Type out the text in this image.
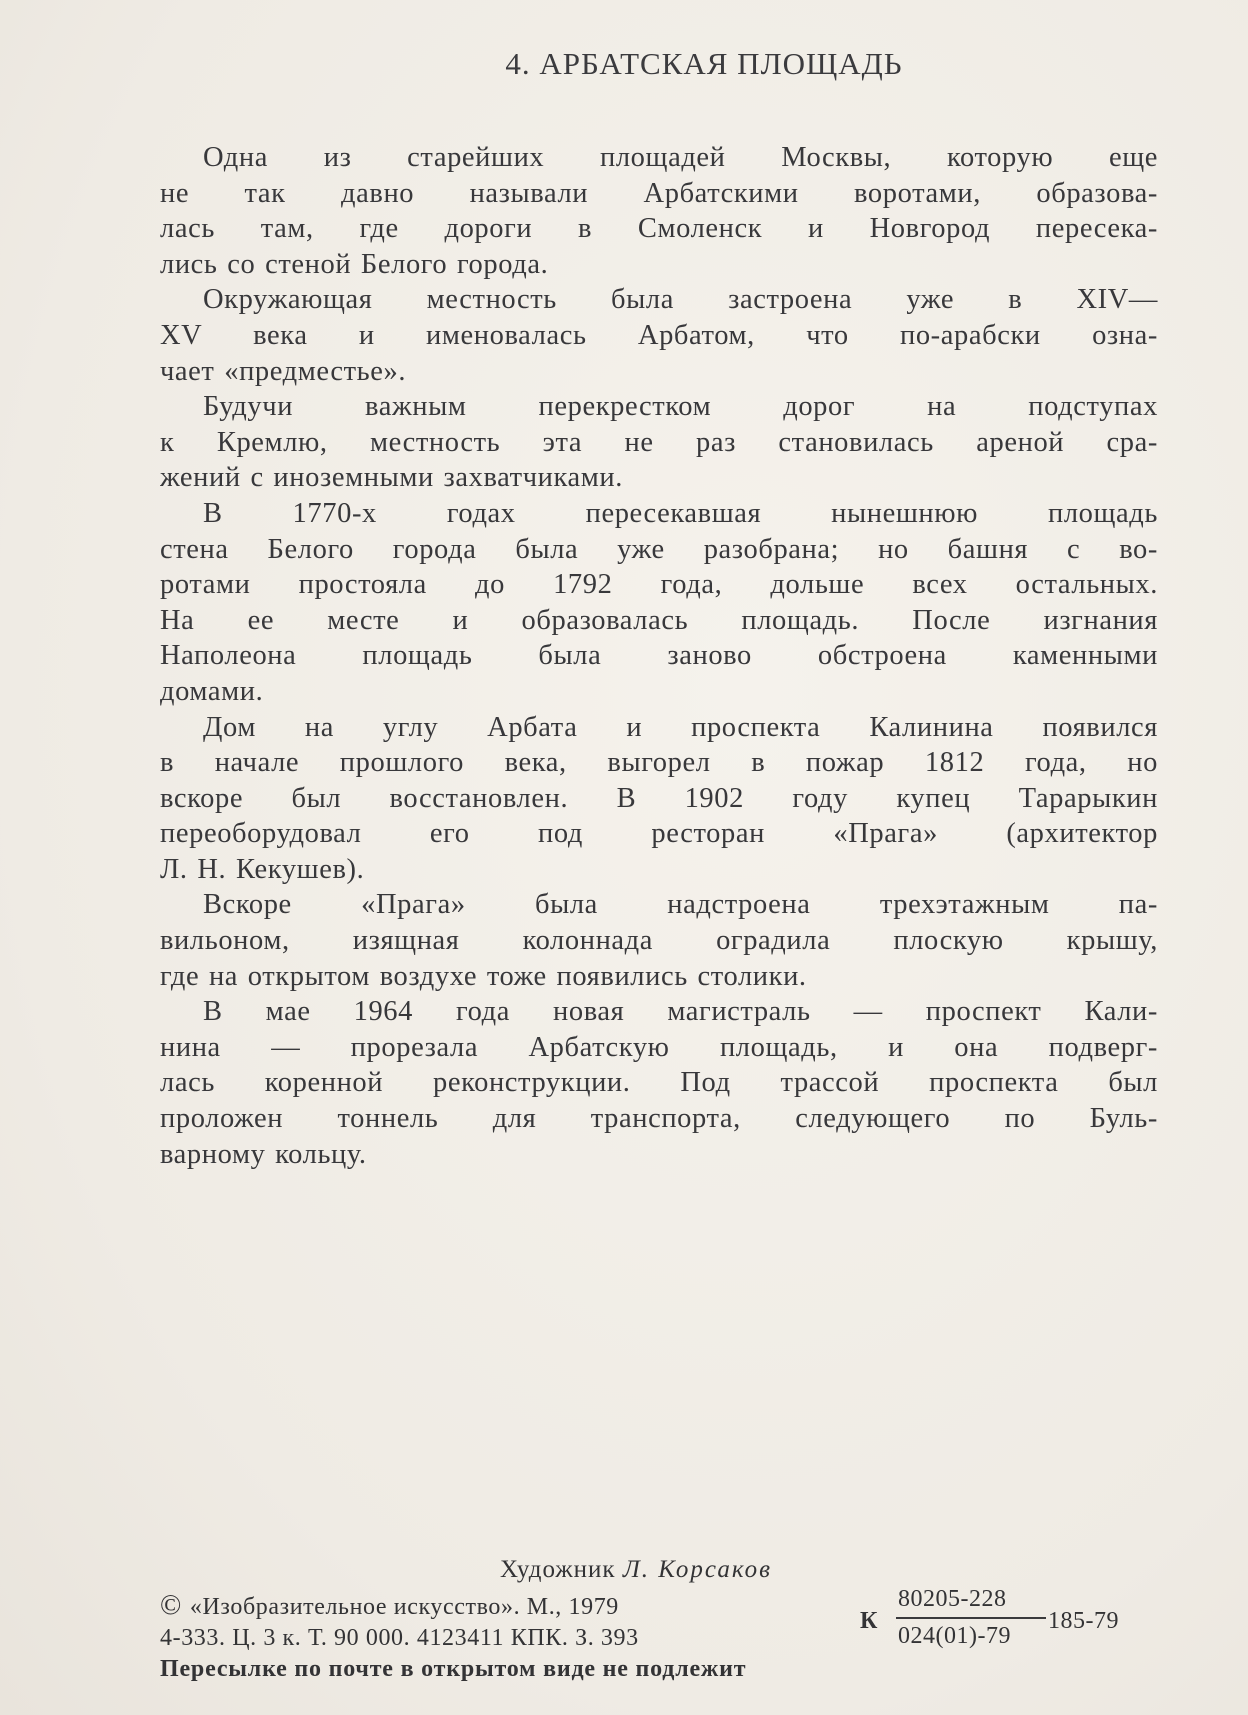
4. АРБАТСКАЯ ПЛОЩАДЬ
Одна из старейших площадей Москвы, которую еще
не так давно называли Арбатскими воротами, образова-
лась там, где дороги в Смоленск и Новгород пересека-
лись со стеной Белого города.
Окружающая местность была застроена уже в XIV—
XV века и именовалась Арбатом, что по-арабски озна-
чает «предместье».
Будучи важным перекрестком дорог на подступах
к Кремлю, местность эта не раз становилась ареной сра-
жений с иноземными захватчиками.
В 1770-х годах пересекавшая нынешнюю площадь
стена Белого города была уже разобрана; но башня с во-
ротами простояла до 1792 года, дольше всех остальных.
На ее месте и образовалась площадь. После изгнания
Наполеона площадь была заново обстроена каменными
домами.
Дом на углу Арбата и проспекта Калинина появился
в начале прошлого века, выгорел в пожар 1812 года, но
вскоре был восстановлен. В 1902 году купец Тарарыкин
переоборудовал его под ресторан «Прага» (архитектор
Л. Н. Кекушев).
Вскоре «Прага» была надстроена трехэтажным па-
вильоном, изящная колоннада оградила плоскую крышу,
где на открытом воздухе тоже появились столики.
В мае 1964 года новая магистраль — проспект Кали-
нина — прорезала Арбатскую площадь, и она подверг-
лась коренной реконструкции. Под трассой проспекта был
проложен тоннель для транспорта, следующего по Буль-
варному кольцу.
Художник Л. Корсаков
© «Изобразительное искусство». М., 1979
4-333. Ц. 3 к. Т. 90 000. 4123411 КПК. З. 393
К
80205-228
024(01)-79
185-79
Пересылке по почте в открытом виде не подлежит
